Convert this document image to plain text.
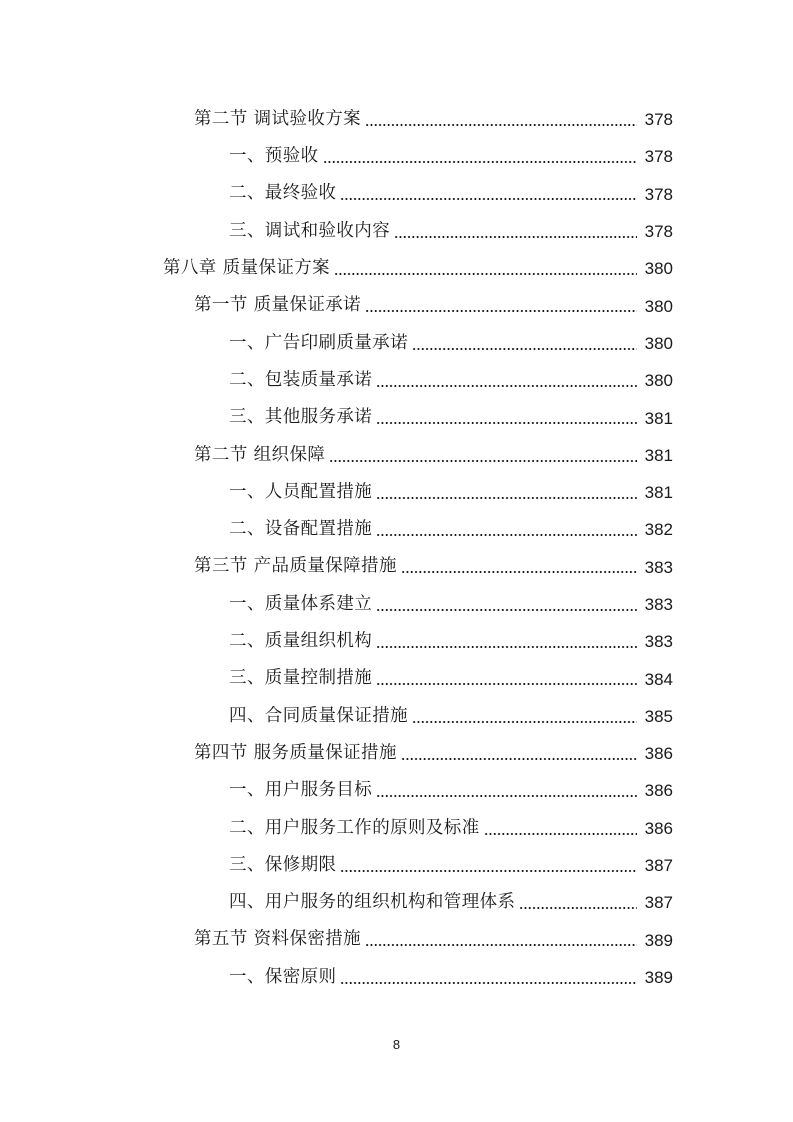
第二节 调试验收方案	378
一、预验收	378
二、最终验收	378
三、调试和验收内容	378
第八章 质量保证方案	380
第一节 质量保证承诺	380
一、广告印刷质量承诺	380
二、包装质量承诺	380
三、其他服务承诺	381
第二节 组织保障	381
一、人员配置措施	381
二、设备配置措施	382
第三节 产品质量保障措施	383
一、质量体系建立	383
二、质量组织机构	383
三、质量控制措施	384
四、合同质量保证措施	385
第四节 服务质量保证措施	386
一、用户服务目标	386
二、用户服务工作的原则及标准	386
三、保修期限	387
四、用户服务的组织机构和管理体系	387
第五节 资料保密措施	389
一、保密原则	389
8
